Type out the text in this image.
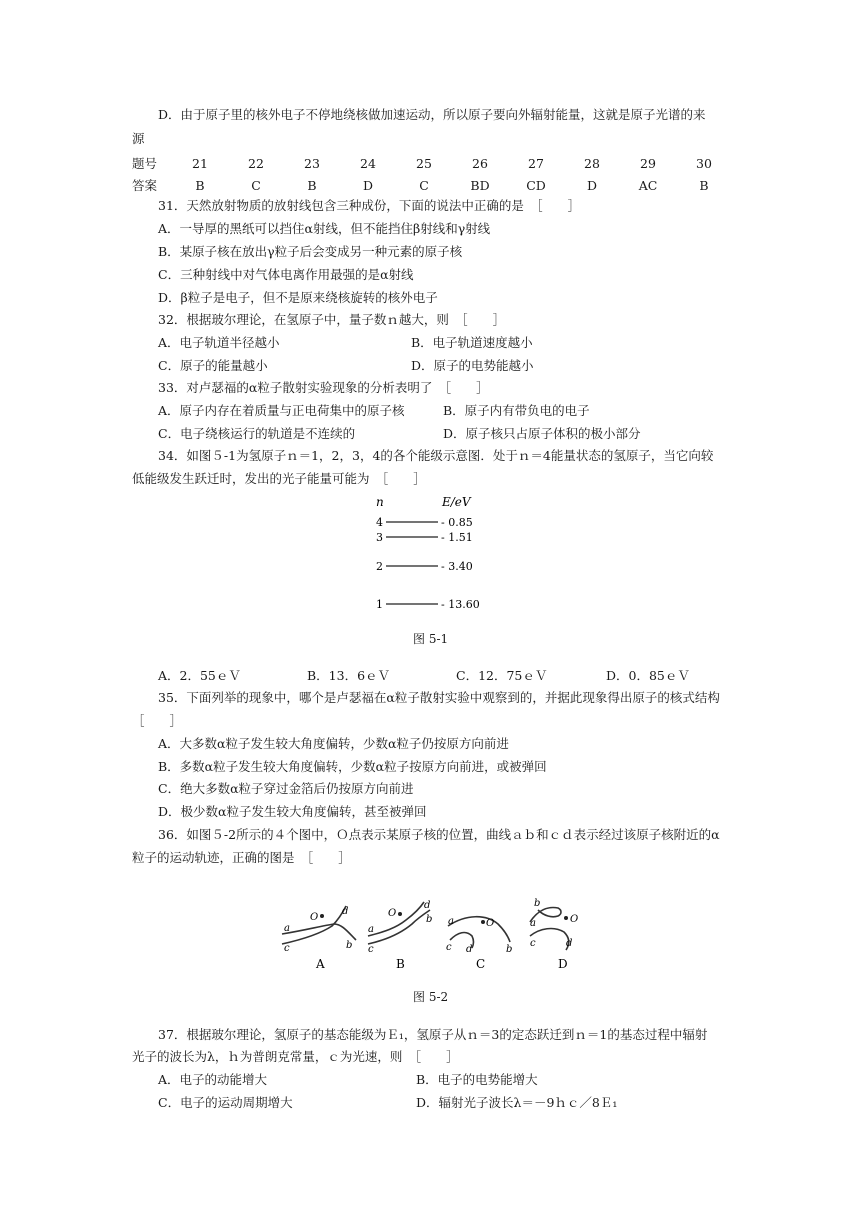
D．由于原子里的核外电子不停地绕核做加速运动，所以原子要向外辐射能量，这就是原子光谱的来
源
题号	21	22	23	24	25	26	27	28	29	30
答案	B	C	B	D	C	BD	CD	D	AC	B
31．天然放射物质的放射线包含三种成份，下面的说法中正确的是　［　　］
A．一导厚的黑纸可以挡住α射线，但不能挡住β射线和γ射线
B．某原子核在放出γ粒子后会变成另一种元素的原子核
C．三种射线中对气体电离作用最强的是α射线
D．β粒子是电子，但不是原来绕核旋转的核外电子
32．根据玻尔理论，在氢原子中，量子数ｎ越大，则　［　　］
A．电子轨道半径越小	B．电子轨道速度越小
C．原子的能量越小	D．原子的电势能越小
33．对卢瑟福的α粒子散射实验现象的分析表明了　［　　］
A．原子内存在着质量与正电荷集中的原子核	B．原子内有带负电的电子
C．电子绕核运行的轨道是不连续的	D．原子核只占原子体积的极小部分
34．如图５-1为氢原子ｎ＝1，2，3，4的各个能级示意图．处于ｎ＝4能量状态的氢原子，当它向较
低能级发生跃迁时，发出的光子能量可能为　［　　］
n	E/eV
4	- 0.85
3	- 1.51
2	- 3.40
1	- 13.60
图 5-1
A．2．55ｅＶ	B．13．6ｅＶ	C．12．75ｅＶ	D．0．85ｅＶ
35．下面列举的现象中，哪个是卢瑟福在α粒子散射实验中观察到的，并据此现象得出原子的核式结构
［　　］
A．大多数α粒子发生较大角度偏转，少数α粒子仍按原方向前进
B．多数α粒子发生较大角度偏转，少数α粒子按原方向前进，或被弹回
C．绝大多数α粒子穿过金箔后仍按原方向前进
D．极少数α粒子发生较大角度偏转，甚至被弹回
36．如图５-2所示的４个图中，Ｏ点表示某原子核的位置，曲线ａｂ和ｃｄ表示经过该原子核附近的α
粒子的运动轨迹，正确的图是　［　　］
O
a
c
d
b
A
O
a
c
d
b
B
O
a
c d	b
C
O
b
a
c	d
D
图 5-2
37．根据玻尔理论，氢原子的基态能级为Ｅ₁，氢原子从ｎ＝3的定态跃迁到ｎ＝1的基态过程中辐射
光子的波长为λ，ｈ为普朗克常量，ｃ为光速，则　［　　］
A．电子的动能增大	B．电子的电势能增大
C．电子的运动周期增大	D．辐射光子波长λ＝－9ｈｃ／8Ｅ₁
